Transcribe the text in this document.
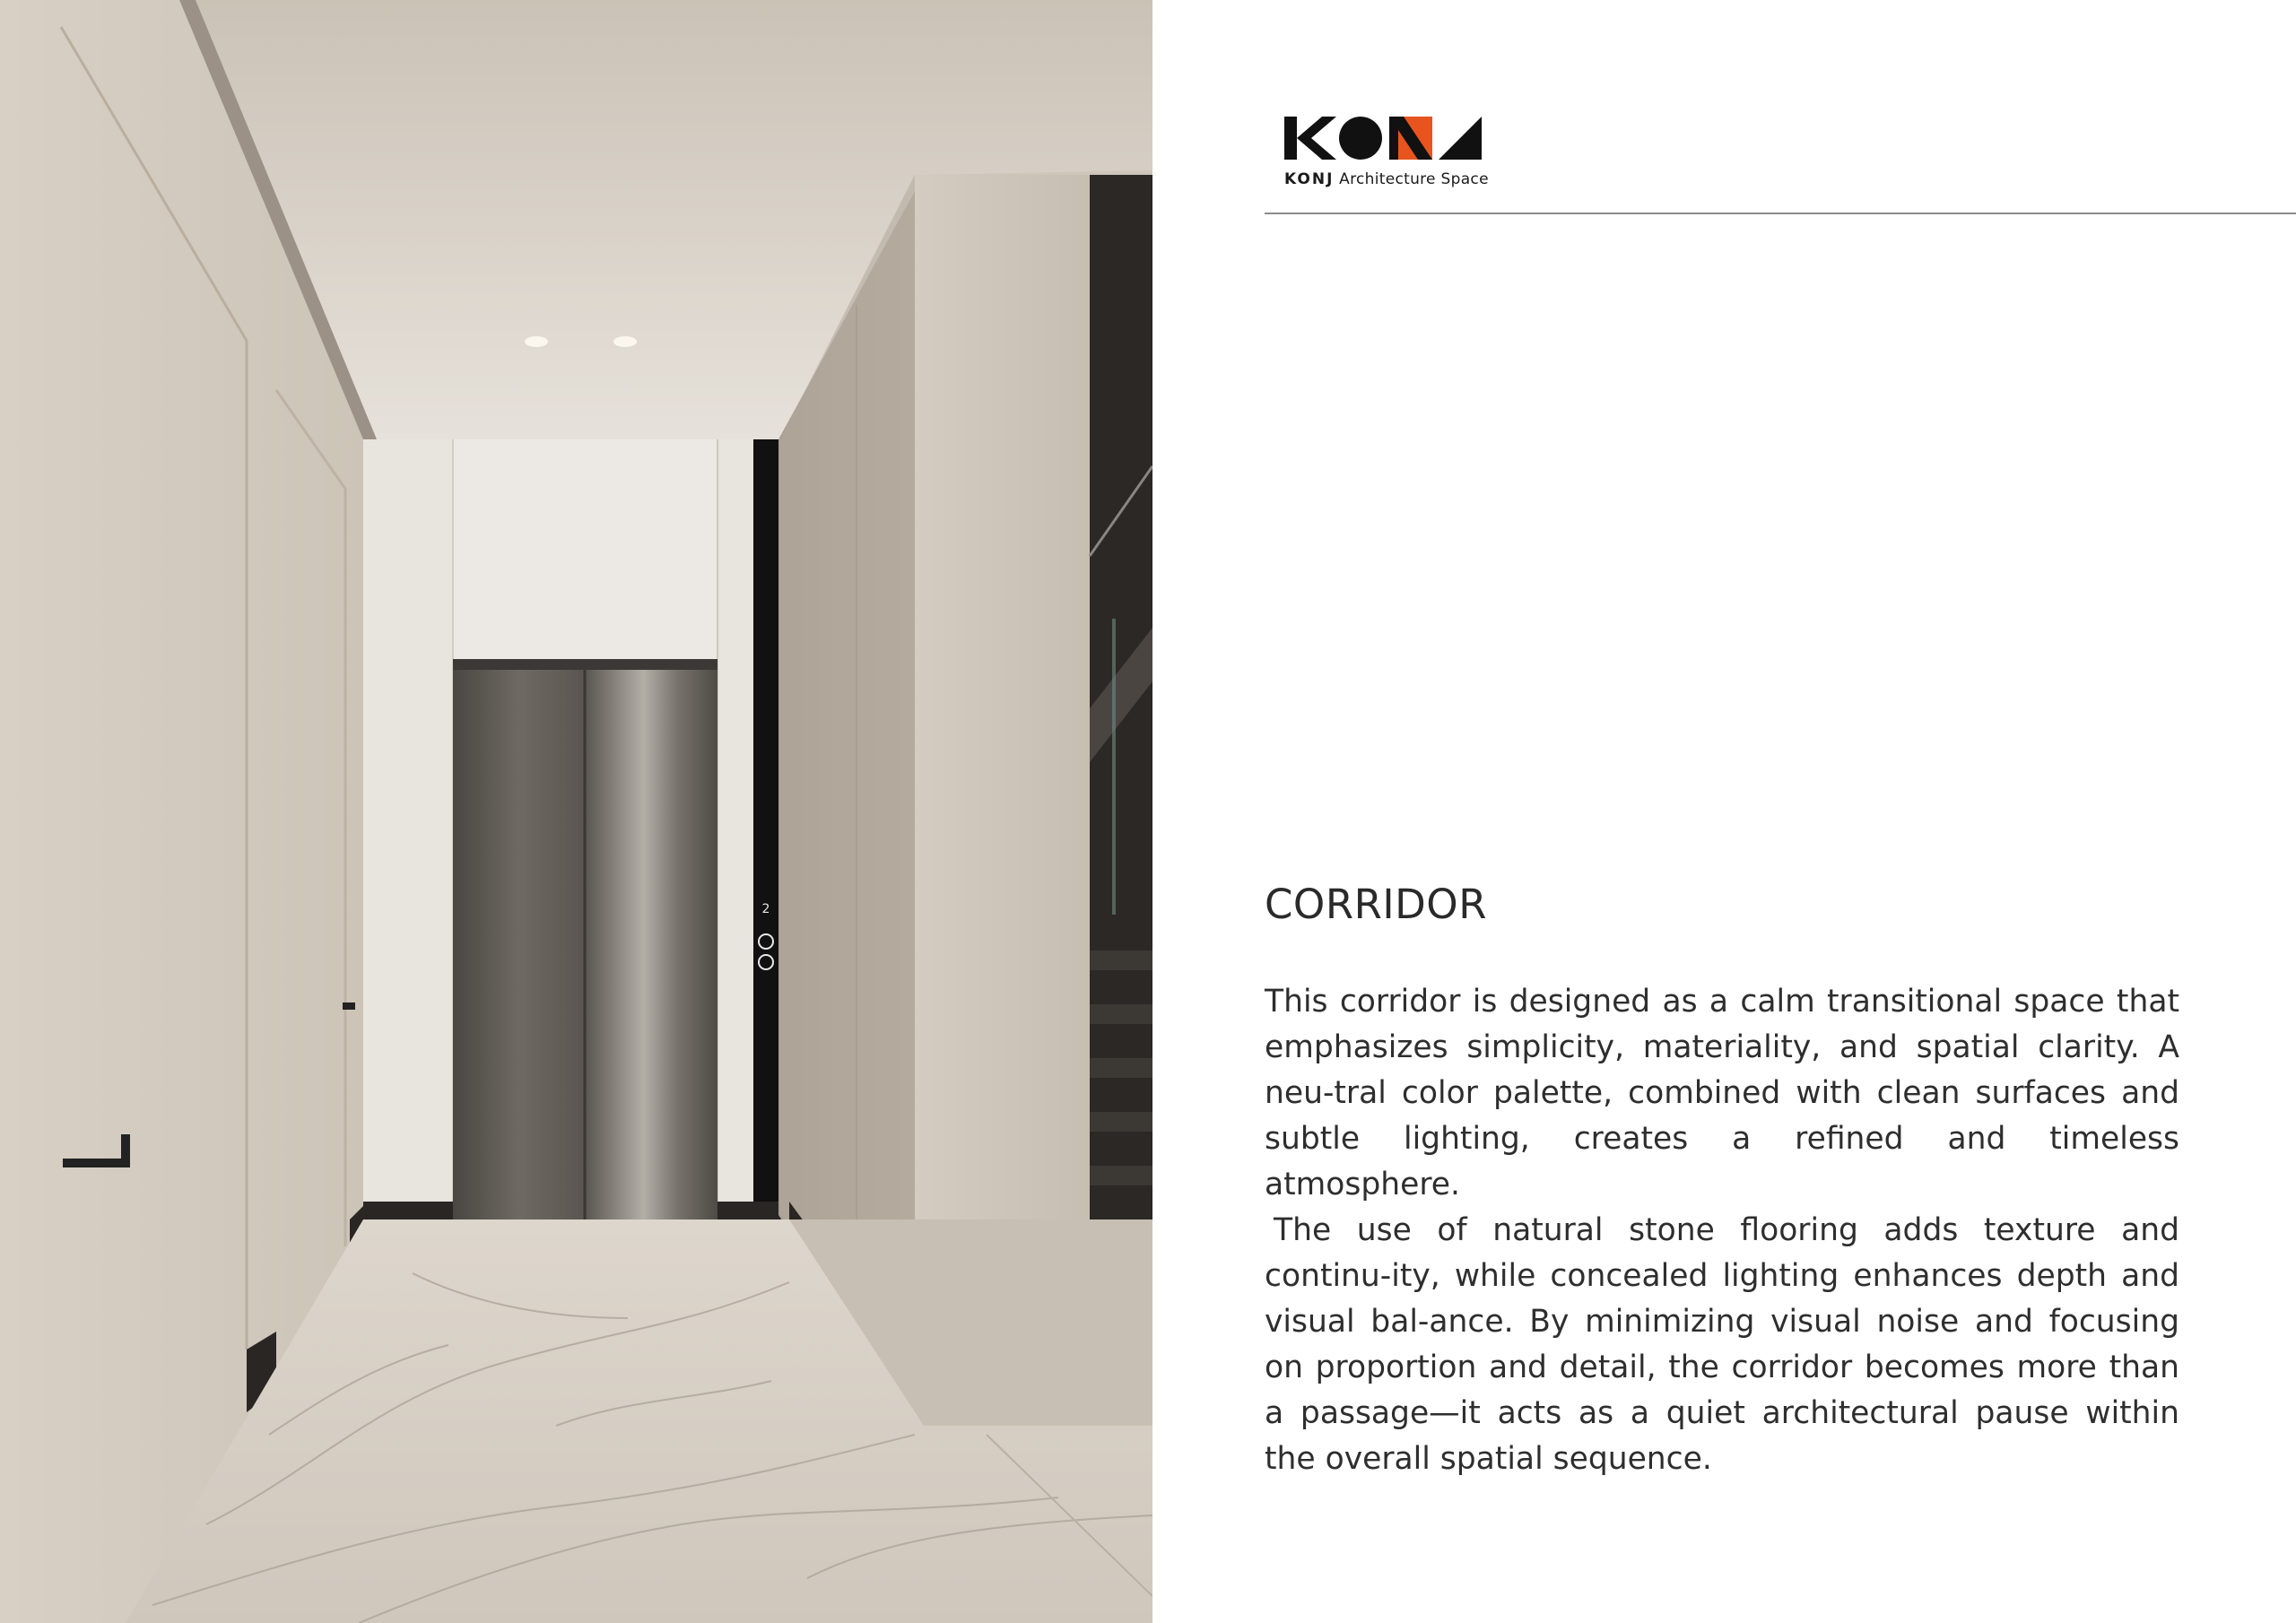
2
KONJ Architecture Space
CORRIDOR

This corridor is designed as a calm transitional space that emphasizes simplicity, materiality, and spatial clarity. A neu-tral color palette, combined with clean surfaces and subtle lighting, creates a refined and timeless atmosphere.

The use of natural stone flooring adds texture and continu-ity, while concealed lighting enhances depth and visual bal-ance. By minimizing visual noise and focusing on proportion and detail, the corridor becomes more than a passage—it acts as a quiet architectural pause within the overall spatial sequence.
